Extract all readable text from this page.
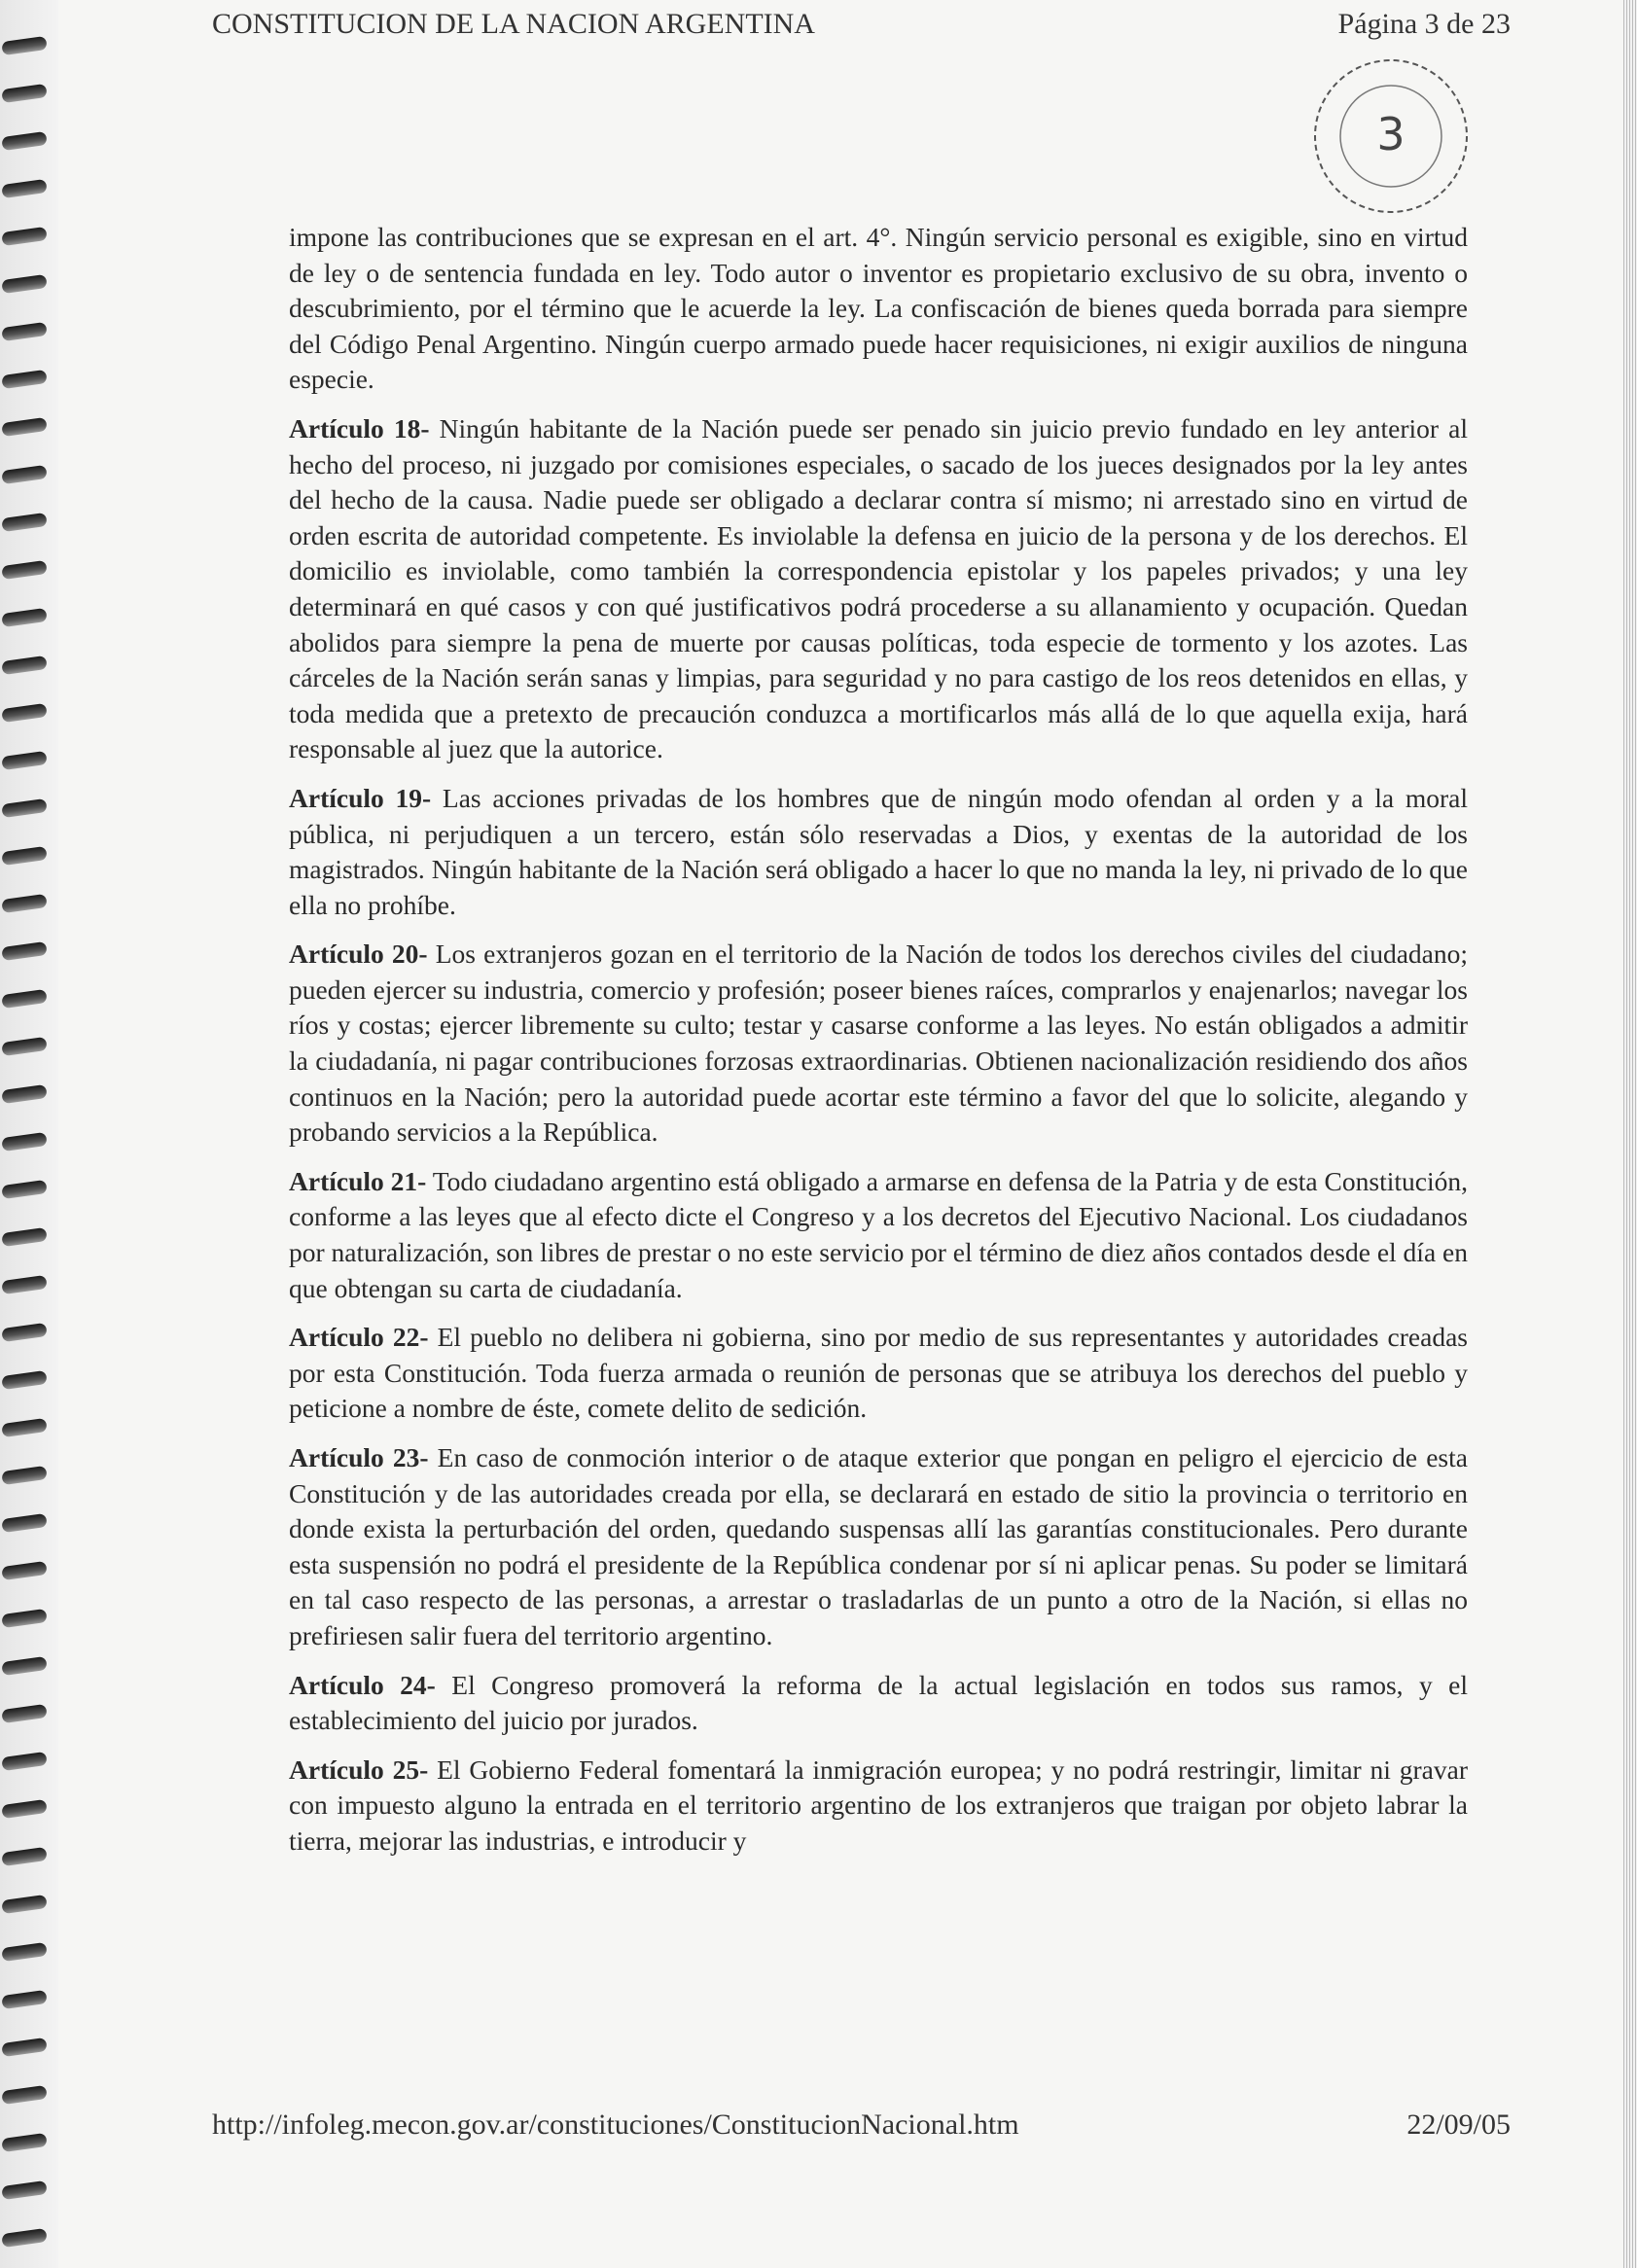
CONSTITUCION DE LA NACION ARGENTINA	Página 3 de 23
3

impone las contribuciones que se expresan en el art. 4°. Ningún servicio personal es exigible, sino en virtud de ley o de sentencia fundada en ley. Todo autor o inventor es propietario exclusivo de su obra, invento o descubrimiento, por el término que le acuerde la ley. La confiscación de bienes queda borrada para siempre del Código Penal Argentino. Ningún cuerpo armado puede hacer requisiciones, ni exigir auxilios de ninguna especie.

Artículo 18- Ningún habitante de la Nación puede ser penado sin juicio previo fundado en ley anterior al hecho del proceso, ni juzgado por comisiones especiales, o sacado de los jueces designados por la ley antes del hecho de la causa. Nadie puede ser obligado a declarar contra sí mismo; ni arrestado sino en virtud de orden escrita de autoridad competente. Es inviolable la defensa en juicio de la persona y de los derechos. El domicilio es inviolable, como también la correspondencia epistolar y los papeles privados; y una ley determinará en qué casos y con qué justificativos podrá procederse a su allanamiento y ocupación. Quedan abolidos para siempre la pena de muerte por causas políticas, toda especie de tormento y los azotes. Las cárceles de la Nación serán sanas y limpias, para seguridad y no para castigo de los reos detenidos en ellas, y toda medida que a pretexto de precaución conduzca a mortificarlos más allá de lo que aquella exija, hará responsable al juez que la autorice.

Artículo 19- Las acciones privadas de los hombres que de ningún modo ofendan al orden y a la moral pública, ni perjudiquen a un tercero, están sólo reservadas a Dios, y exentas de la autoridad de los magistrados. Ningún habitante de la Nación será obligado a hacer lo que no manda la ley, ni privado de lo que ella no prohíbe.

Artículo 20- Los extranjeros gozan en el territorio de la Nación de todos los derechos civiles del ciudadano; pueden ejercer su industria, comercio y profesión; poseer bienes raíces, comprarlos y enajenarlos; navegar los ríos y costas; ejercer libremente su culto; testar y casarse conforme a las leyes. No están obligados a admitir la ciudadanía, ni pagar contribuciones forzosas extraordinarias. Obtienen nacionalización residiendo dos años continuos en la Nación; pero la autoridad puede acortar este término a favor del que lo solicite, alegando y probando servicios a la República.

Artículo 21- Todo ciudadano argentino está obligado a armarse en defensa de la Patria y de esta Constitución, conforme a las leyes que al efecto dicte el Congreso y a los decretos del Ejecutivo Nacional. Los ciudadanos por naturalización, son libres de prestar o no este servicio por el término de diez años contados desde el día en que obtengan su carta de ciudadanía.

Artículo 22- El pueblo no delibera ni gobierna, sino por medio de sus representantes y autoridades creadas por esta Constitución. Toda fuerza armada o reunión de personas que se atribuya los derechos del pueblo y peticione a nombre de éste, comete delito de sedición.

Artículo 23- En caso de conmoción interior o de ataque exterior que pongan en peligro el ejercicio de esta Constitución y de las autoridades creada por ella, se declarará en estado de sitio la provincia o territorio en donde exista la perturbación del orden, quedando suspensas allí las garantías constitucionales. Pero durante esta suspensión no podrá el presidente de la República condenar por sí ni aplicar penas. Su poder se limitará en tal caso respecto de las personas, a arrestar o trasladarlas de un punto a otro de la Nación, si ellas no prefiriesen salir fuera del territorio argentino.

Artículo 24- El Congreso promoverá la reforma de la actual legislación en todos sus ramos, y el establecimiento del juicio por jurados.

Artículo 25- El Gobierno Federal fomentará la inmigración europea; y no podrá restringir, limitar ni gravar con impuesto alguno la entrada en el territorio argentino de los extranjeros que traigan por objeto labrar la tierra, mejorar las industrias, e introducir y

http://infoleg.mecon.gov.ar/constituciones/ConstitucionNacional.htm	22/09/05
